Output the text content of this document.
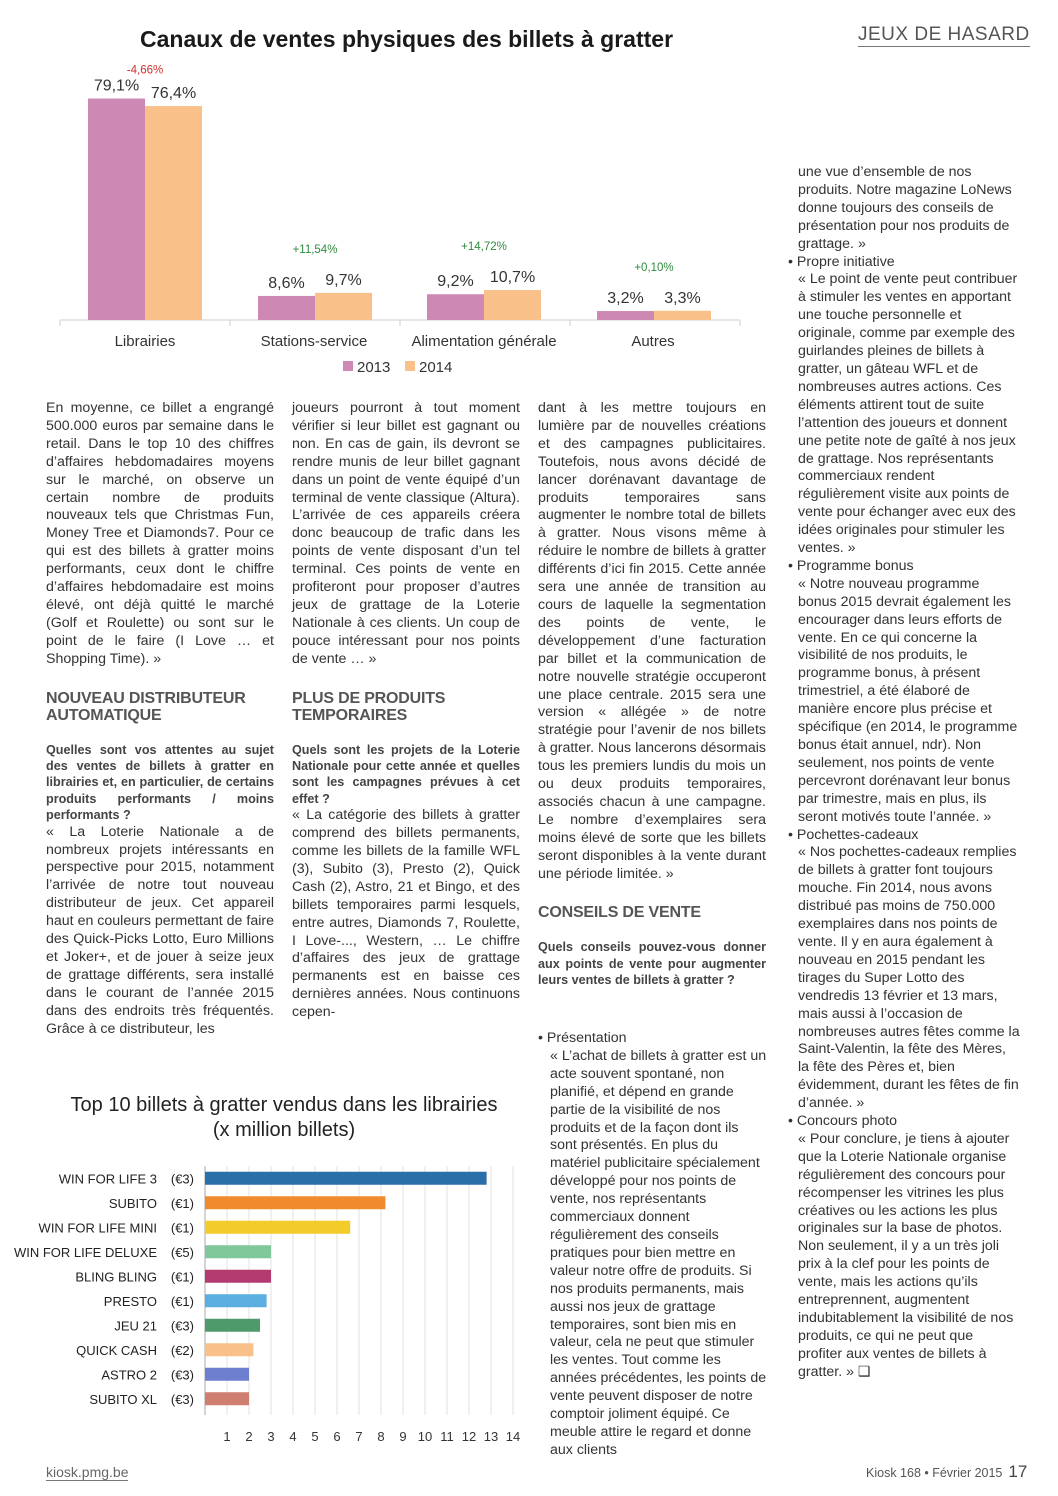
JEUX DE HASARD
Canaux de ventes physiques des billets à gratter
79,1% 76,4%
-4,66%
Librairies
8,6% 9,7%
+11,54%
Stations-service
9,2% 10,7%
+14,72%
Alimentation générale
3,2% 3,3%
+0,10%
Autres
2013 2014

En moyenne, ce billet a engrangé 500.000 euros par semaine dans le retail. Dans le top 10 des chiffres d’affaires hebdomadaires moyens sur le marché, on observe un certain nombre de produits nouveaux tels que Christmas Fun, Money Tree et Diamonds7. Pour ce qui est des billets à gratter moins performants, ceux dont le chiffre d’affaires hebdomadaire est moins élevé, ont déjà quitté le marché (Golf et Roulette) ou sont sur le point de le faire (I Love … et Shopping Time). »

NOUVEAU DISTRIBUTEUR AUTOMATIQUE

Quelles sont vos attentes au sujet des ventes de billets à gratter en librairies et, en particulier, de certains produits performants / moins performants ?

« La Loterie Nationale a de nombreux projets intéressants en perspective pour 2015, notamment l’arrivée de notre tout nouveau distributeur de jeux. Cet appareil haut en couleurs permettant de faire des Quick-Picks Lotto, Euro Millions et Joker+, et de jouer à seize jeux de grattage différents, sera installé dans le courant de l’année 2015 dans des endroits très fréquentés. Grâce à ce distributeur, les

joueurs pourront à tout moment vérifier si leur billet est gagnant ou non. En cas de gain, ils devront se rendre munis de leur billet gagnant dans un point de vente équipé d’un terminal de vente classique (Altura). L’arrivée de ces appareils créera donc beaucoup de trafic dans les points de vente disposant d’un tel terminal. Ces points de vente en profiteront pour proposer d’autres jeux de grattage de la Loterie Nationale à ces clients. Un coup de pouce intéressant pour nos points de vente … »

PLUS DE PRODUITS TEMPORAIRES

Quels sont les projets de la Loterie Nationale pour cette année et quelles sont les campagnes prévues à cet effet ?

« La catégorie des billets à gratter comprend des billets permanents, comme les billets de la famille WFL (3), Subito (3), Presto (2), Quick Cash (2), Astro, 21 et Bingo, et des billets temporaires parmi lesquels, entre autres, Diamonds 7, Roulette, I Love-..., Western, … Le chiffre d’affaires des jeux de grattage permanents est en baisse ces dernières années. Nous continuons cepen-

dant à les mettre toujours en lumière par de nouvelles créations et des campagnes publicitaires. Toutefois, nous avons décidé de lancer dorénavant davantage de produits temporaires sans augmenter le nombre total de billets à gratter. Nous visons même à réduire le nombre de billets à gratter différents d’ici fin 2015. Cette année sera une année de transition au cours de laquelle la segmentation des points de vente, le développement d’une facturation par billet et la communication de notre nouvelle stratégie occuperont une place centrale. 2015 sera une version « allégée » de notre stratégie pour l’avenir de nos billets à gratter. Nous lancerons désormais tous les premiers lundis du mois un ou deux produits temporaires, associés chacun à une campagne. Le nombre d’exemplaires sera moins élevé de sorte que les billets seront disponibles à la vente durant une période limitée. »

CONSEILS DE VENTE

Quels conseils pouvez-vous donner aux points de vente pour augmenter leurs ventes de billets à gratter ?

• Présentation
« L’achat de billets à gratter est un acte souvent spontané, non planifié, et dépend en grande partie de la visibilité de nos produits et de la façon dont ils sont présentés. En plus du matériel publicitaire spécialement développé pour nos points de vente, nos représentants commerciaux donnent régulièrement des conseils pratiques pour bien mettre en valeur notre offre de produits. Si nos produits permanents, mais aussi nos jeux de grattage temporaires, sont bien mis en valeur, cela ne peut que stimuler les ventes. Tout comme les années précédentes, les points de vente peuvent disposer de notre comptoir joliment équipé. Ce meuble attire le regard et donne aux clients
une vue d’ensemble de nos produits. Notre magazine LoNews donne toujours des conseils de présentation pour nos produits de grattage. »
• Propre initiative
« Le point de vente peut contribuer à stimuler les ventes en apportant une touche personnelle et originale, comme par exemple des guirlandes pleines de billets à gratter, un gâteau WFL et de nombreuses autres actions. Ces éléments attirent tout de suite l’attention des joueurs et donnent une petite note de gaîté à nos jeux de grattage. Nos représentants commerciaux rendent régulièrement visite aux points de vente pour échanger avec eux des idées originales pour stimuler les ventes. »
• Programme bonus
« Notre nouveau programme bonus 2015 devrait également les encourager dans leurs efforts de vente. En ce qui concerne la visibilité de nos produits, le programme bonus, à présent trimestriel, a été élaboré de manière encore plus précise et spécifique (en 2014, le programme bonus était annuel, ndr). Non seulement, nos points de vente percevront dorénavant leur bonus par trimestre, mais en plus, ils seront motivés toute l’année. »
• Pochettes-cadeaux
« Nos pochettes-cadeaux remplies de billets à gratter font toujours mouche. Fin 2014, nous avons distribué pas moins de 750.000 exemplaires dans nos points de vente. Il y en aura également à nouveau en 2015 pendant les tirages du Super Lotto des vendredis 13 février et 13 mars, mais aussi à l’occasion de nombreuses autres fêtes comme la Saint-Valentin, la fête des Mères, la fête des Pères et, bien évidemment, durant les fêtes de fin d’année. »
• Concours photo
« Pour conclure, je tiens à ajouter que la Loterie Nationale organise régulièrement des concours pour récompenser les vitrines les plus créatives ou les actions les plus originales sur la base de photos. Non seulement, il y a un très joli prix à la clef pour les points de vente, mais les actions qu’ils entreprennent, augmentent indubitablement la visibilité de nos produits, ce qui ne peut que profiter aux ventes de billets à gratter. » ❑
Top 10 billets à gratter vendus dans les librairies
(x million billets)
WIN FOR LIFE 3 (€3)
SUBITO (€1)
WIN FOR LIFE MINI (€1)
WIN FOR LIFE DELUXE (€5)
BLING BLING (€1)
PRESTO (€1)
JEU 21 (€3)
QUICK CASH (€2)
ASTRO 2 (€3)
SUBITO XL (€3)
1 2 3 4 5 6 7 8 9 10 11 12 13 14
kiosk.pmg.be	Kiosk 168 • Février 2015 17
